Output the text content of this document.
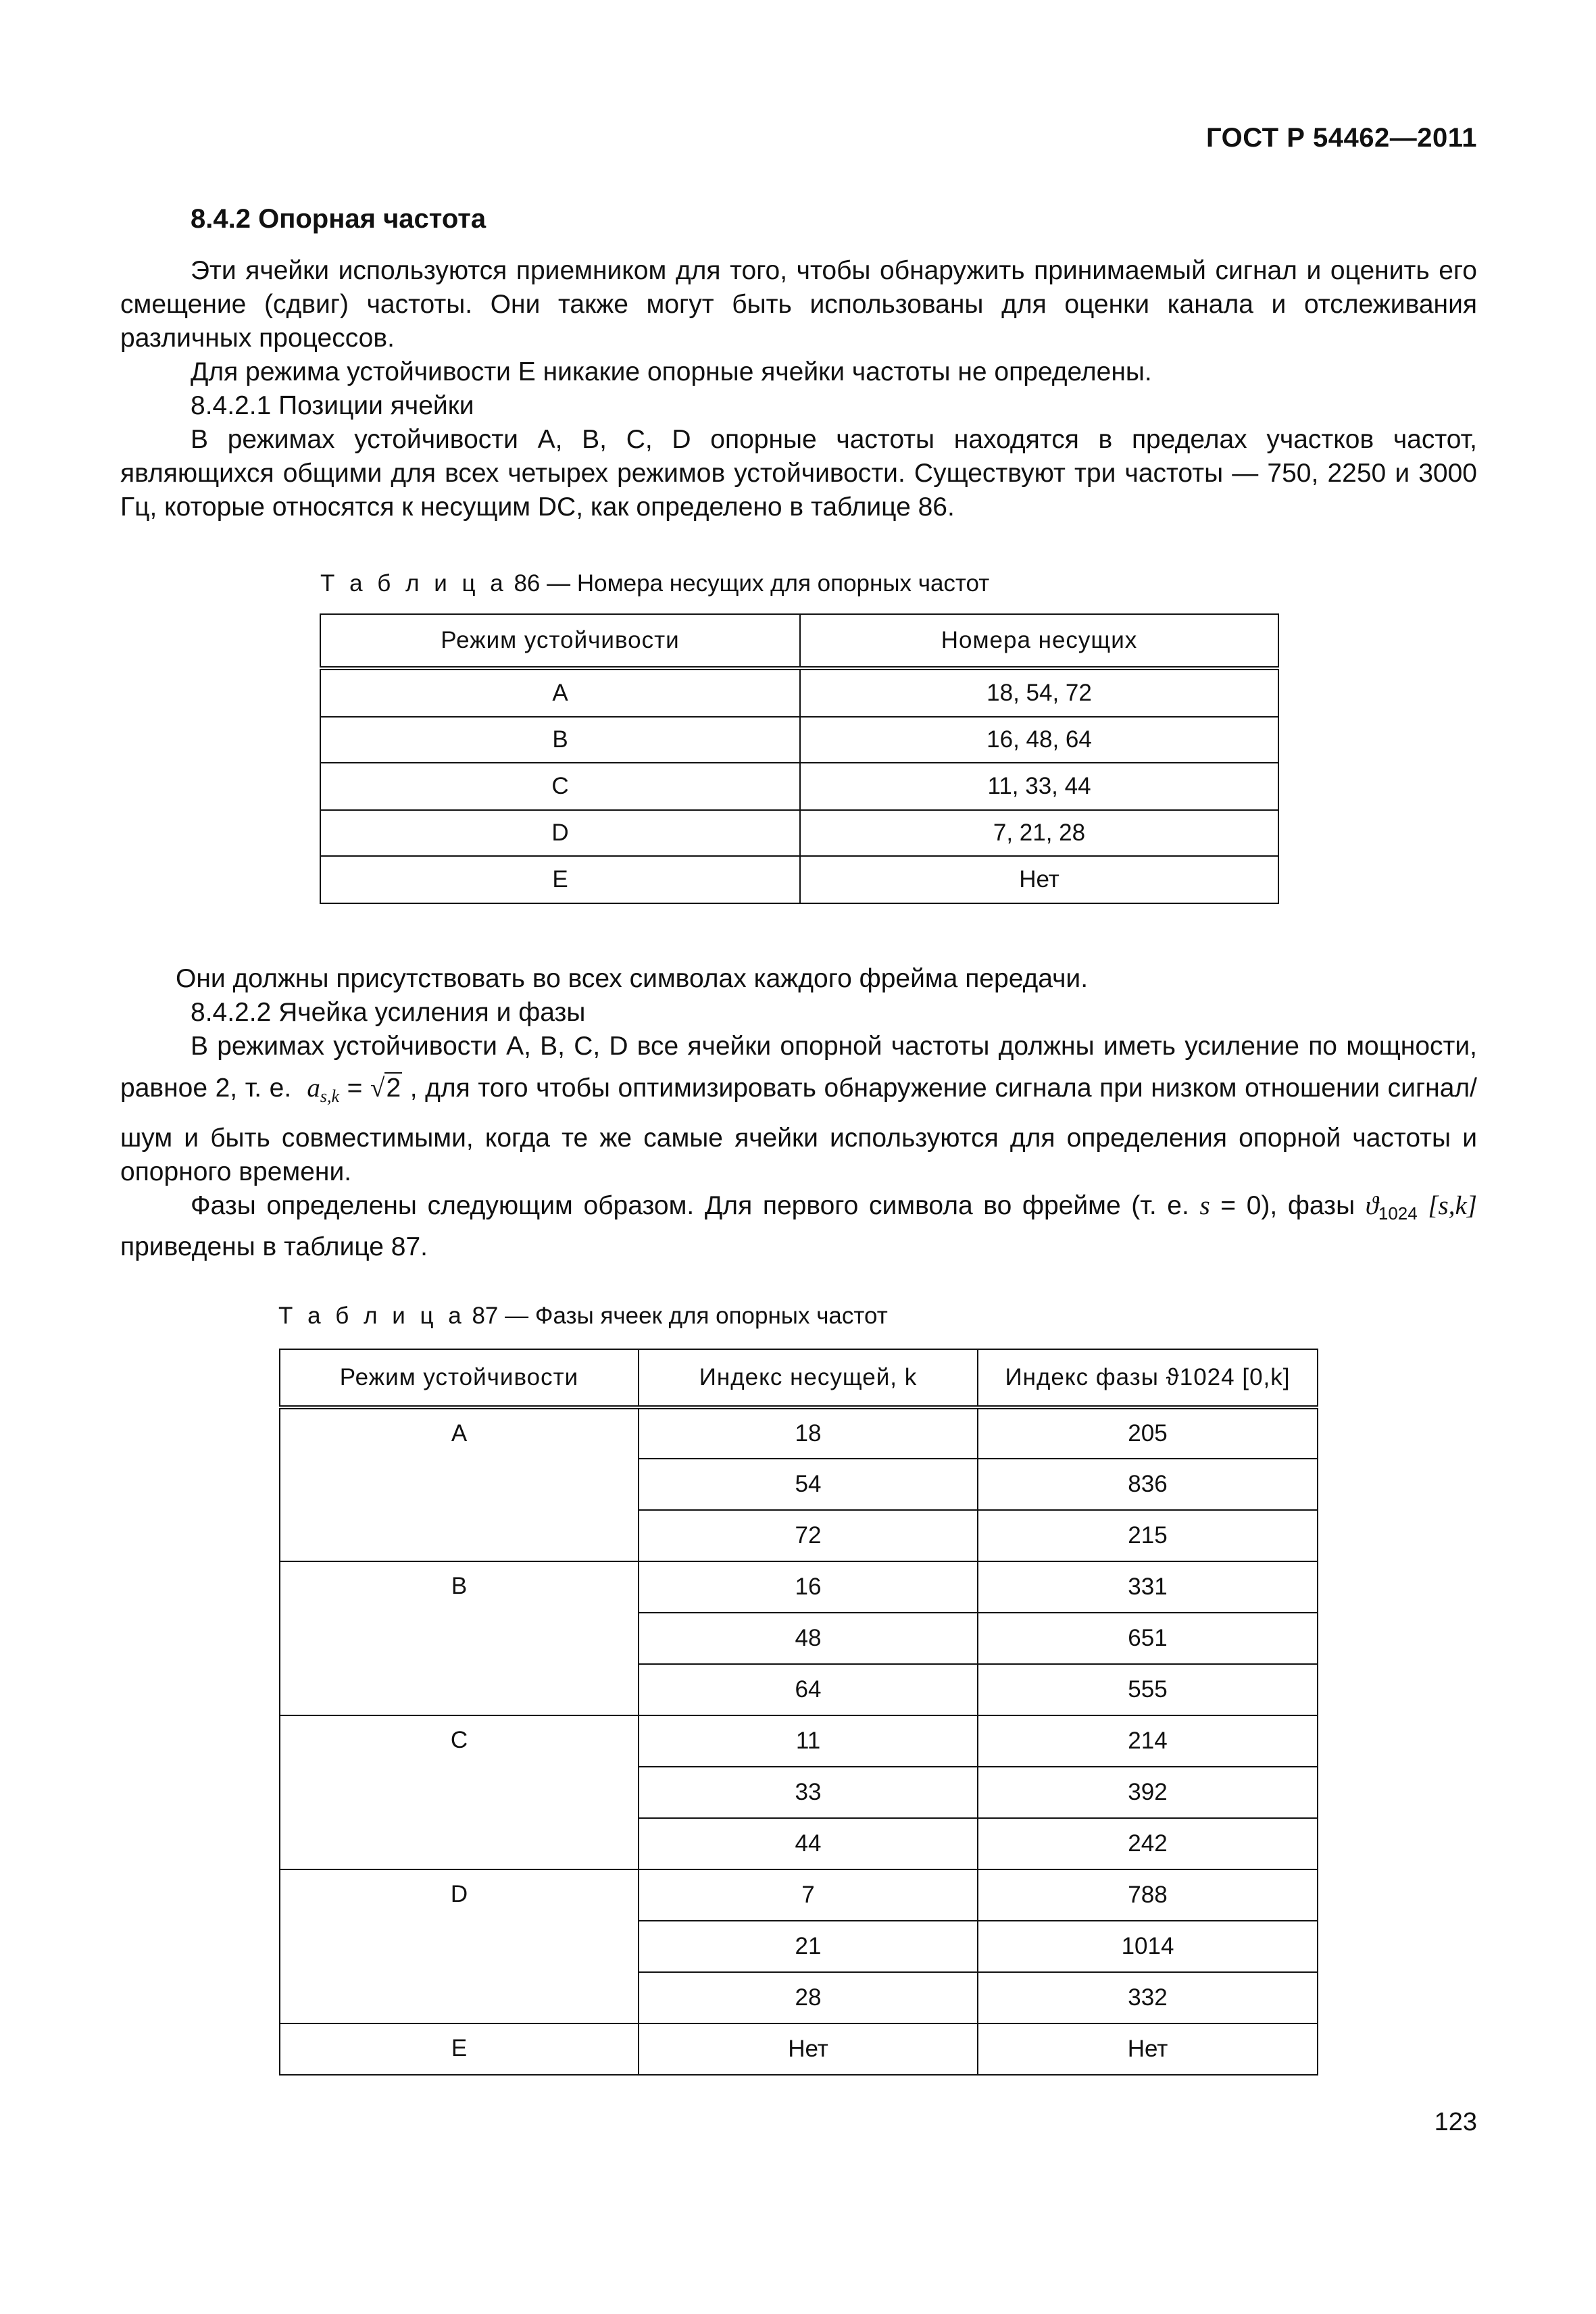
ГОСТ Р 54462—2011
8.4.2 Опорная частота
Эти ячейки используются приемником для того, чтобы обнаружить принимаемый сигнал и оценить его смещение (сдвиг) частоты. Они также могут быть использованы для оценки канала и отслеживания различных процессов.
Для режима устойчивости Е никакие опорные ячейки частоты не определены.
8.4.2.1 Позиции ячейки
В режимах устойчивости А, В, С, D опорные частоты находятся в пределах участков частот, являющихся общими для всех четырех режимов устойчивости. Существуют три частоты — 750, 2250 и 3000 Гц, которые относятся к несущим DC, как определено в таблице 86.
Т а б л и ц а 86 — Номера несущих для опорных частот
Режим устойчивости	Номера несущих
A	18, 54, 72
B	16, 48, 64
C	11, 33, 44
D	7, 21, 28
E	Нет
Они должны присутствовать во всех символах каждого фрейма передачи.
8.4.2.2 Ячейка усиления и фазы
В режимах устойчивости А, В, С, D все ячейки опорной частоты должны иметь усиление по мощности, равное 2, т. е. $a_{s,k} = √2$ , для того чтобы оптимизировать обнаружение сигнала при низком отношении сигнал/шум и быть совместимыми, когда те же самые ячейки используются для определения опорной частоты и опорного времени.
Фазы определены следующим образом. Для первого символа во фрейме (т. е. s = 0), фазы $ϑ_{1024}$ [s,k] приведены в таблице 87.
Т а б л и ц а 87 — Фазы ячеек для опорных частот
Режим устойчивости	Индекс несущей, k	Индекс фазы ϑ1024 [0,k]
A	18	205
	54	836
	72	215
B	16	331
	48	651
	64	555
C	11	214
	33	392
	44	242
D	7	788
	21	1014
	28	332
E	Нет	Нет
123
